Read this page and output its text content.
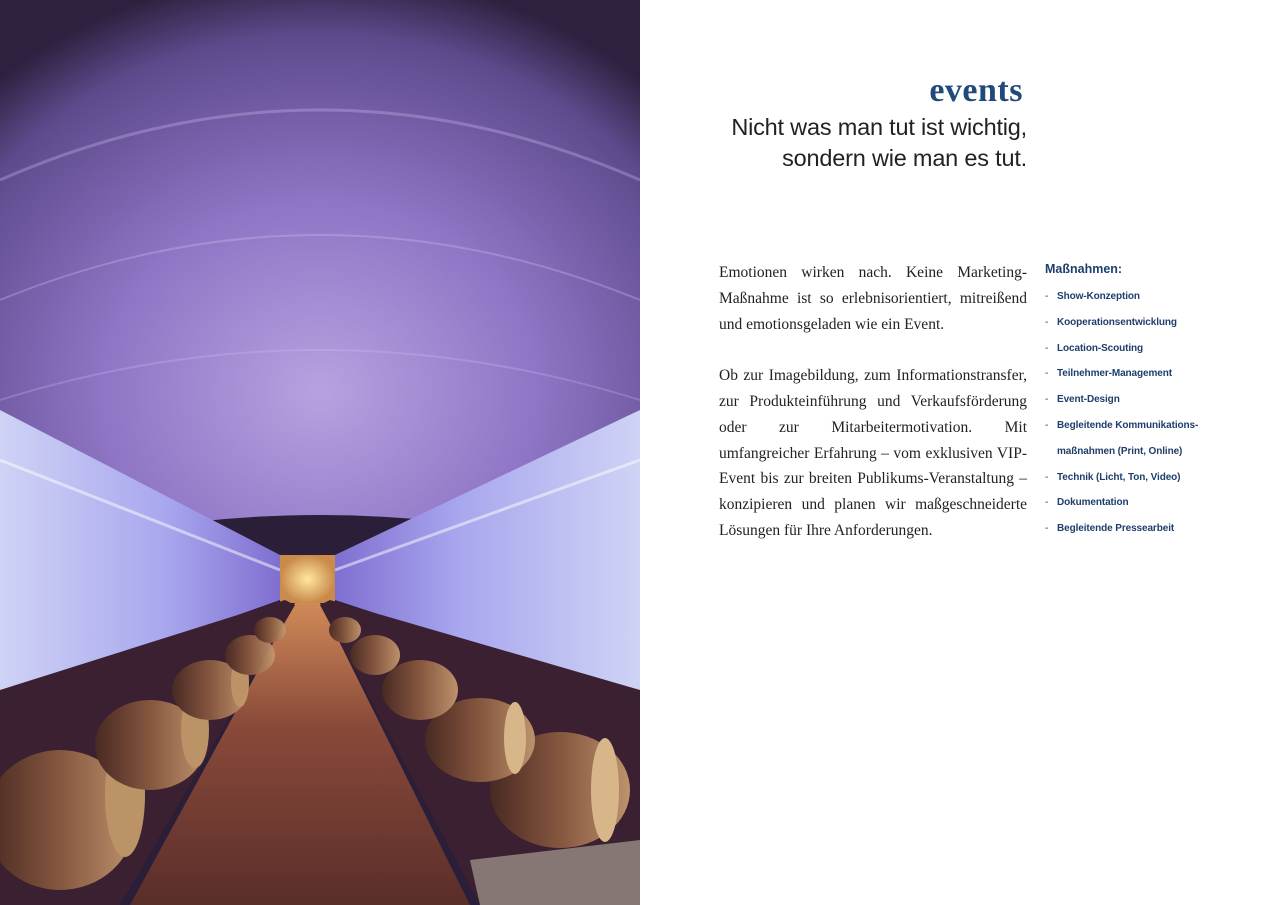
events
Nicht was man tut ist wichtig,
sondern wie man es tut.

Emotionen wirken nach. Keine Marketing-Maßnahme ist so erlebnisorientiert, mitreißend und emotionsgeladen wie ein Event.

Ob zur Imagebildung, zum Informationstransfer, zur Produkteinführung und Verkaufsförderung oder zur Mitarbeitermotivation. Mit umfangreicher Erfahrung – vom exklusiven VIP-Event bis zur breiten Publikums-Veranstaltung – konzipieren und planen wir maßgeschneiderte Lösungen für Ihre Anforderungen.

Maßnahmen:
- Show-Konzeption
- Kooperationsentwicklung
- Location-Scouting
- Teilnehmer-Management
- Event-Design
- Begleitende Kommunikations-
maßnahmen (Print, Online)
- Technik (Licht, Ton, Video)
- Dokumentation
- Begleitende Pressearbeit
